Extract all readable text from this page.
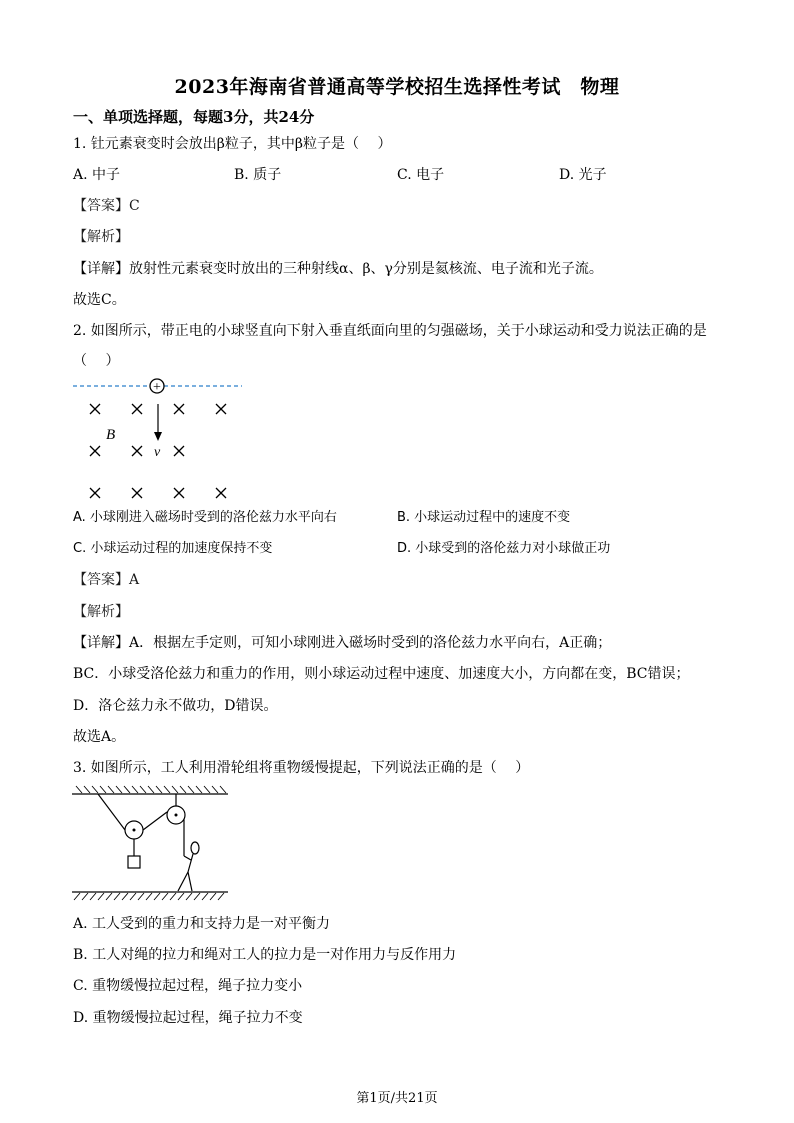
2023年海南省普通高等学校招生选择性考试　物理
一、单项选择题，每题3分，共24分
1. 钍元素衰变时会放出β粒子，其中β粒子是（　 ）
A. 中子	B. 质子	C. 电子	D. 光子
【答案】C
【解析】
【详解】放射性元素衰变时放出的三种射线α、β、γ分别是氦核流、电子流和光子流。
故选C。
2. 如图所示，带正电的小球竖直向下射入垂直纸面向里的匀强磁场，关于小球运动和受力说法正确的是
（　 ）
+
B
v
A. 小球刚进入磁场时受到的洛伦兹力水平向右	B. 小球运动过程中的速度不变
C. 小球运动过程的加速度保持不变	D. 小球受到的洛伦兹力对小球做正功
【答案】A
【解析】
【详解】A．根据左手定则，可知小球刚进入磁场时受到的洛伦兹力水平向右，A正确；
BC．小球受洛伦兹力和重力的作用，则小球运动过程中速度、加速度大小，方向都在变，BC错误；
D．洛仑兹力永不做功，D错误。
故选A。
3. 如图所示，工人利用滑轮组将重物缓慢提起，下列说法正确的是（　 ）
A. 工人受到的重力和支持力是一对平衡力
B. 工人对绳的拉力和绳对工人的拉力是一对作用力与反作用力
C. 重物缓慢拉起过程，绳子拉力变小
D. 重物缓慢拉起过程，绳子拉力不变
第1页/共21页
